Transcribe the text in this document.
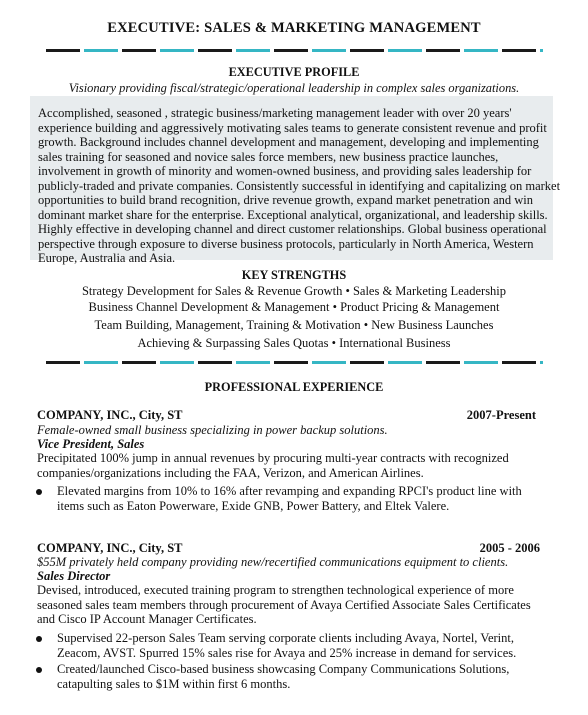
EXECUTIVE: SALES & MARKETING MANAGEMENT
EXECUTIVE PROFILE
Visionary providing fiscal/strategic/operational leadership in complex sales organizations.
Accomplished, seasoned , strategic business/marketing management leader with over 20 years'
experience building and aggressively motivating sales teams to generate consistent revenue and profit
growth. Background includes channel development and management, developing and implementing
sales training for seasoned and novice sales force members, new business practice launches,
involvement in growth of minority and women-owned business, and providing sales leadership for
publicly-traded and private companies. Consistently successful in identifying and capitalizing on market
opportunities to build brand recognition, drive revenue growth, expand market penetration and win
dominant market share for the enterprise. Exceptional analytical, organizational, and leadership skills.
Highly effective in developing channel and direct customer relationships. Global business operational
perspective through exposure to diverse business protocols, particularly in North America, Western
Europe, Australia and Asia.
KEY STRENGTHS
Strategy Development for Sales & Revenue Growth • Sales & Marketing Leadership
Business Channel Development & Management • Product Pricing & Management
Team Building, Management, Training & Motivation • New Business Launches
Achieving & Surpassing Sales Quotas • International Business
PROFESSIONAL EXPERIENCE
COMPANY, INC., City, ST	2007-Present
Female-owned small business specializing in power backup solutions.
Vice President, Sales
Precipitated 100% jump in annual revenues by procuring multi-year contracts with recognized
companies/organizations including the FAA, Verizon, and American Airlines.
Elevated margins from 10% to 16% after revamping and expanding RPCI's product line with
items such as Eaton Powerware, Exide GNB, Power Battery, and Eltek Valere.
COMPANY, INC., City, ST	2005 - 2006
$55M privately held company providing new/recertified communications equipment to clients.
Sales Director
Devised, introduced, executed training program to strengthen technological experience of more
seasoned sales team members through procurement of Avaya Certified Associate Sales Certificates
and Cisco IP Account Manager Certificates.
Supervised 22-person Sales Team serving corporate clients including Avaya, Nortel, Verint,
Zeacom, AVST. Spurred 15% sales rise for Avaya and 25% increase in demand for services.
Created/launched Cisco-based business showcasing Company Communications Solutions,
catapulting sales to $1M within first 6 months.
